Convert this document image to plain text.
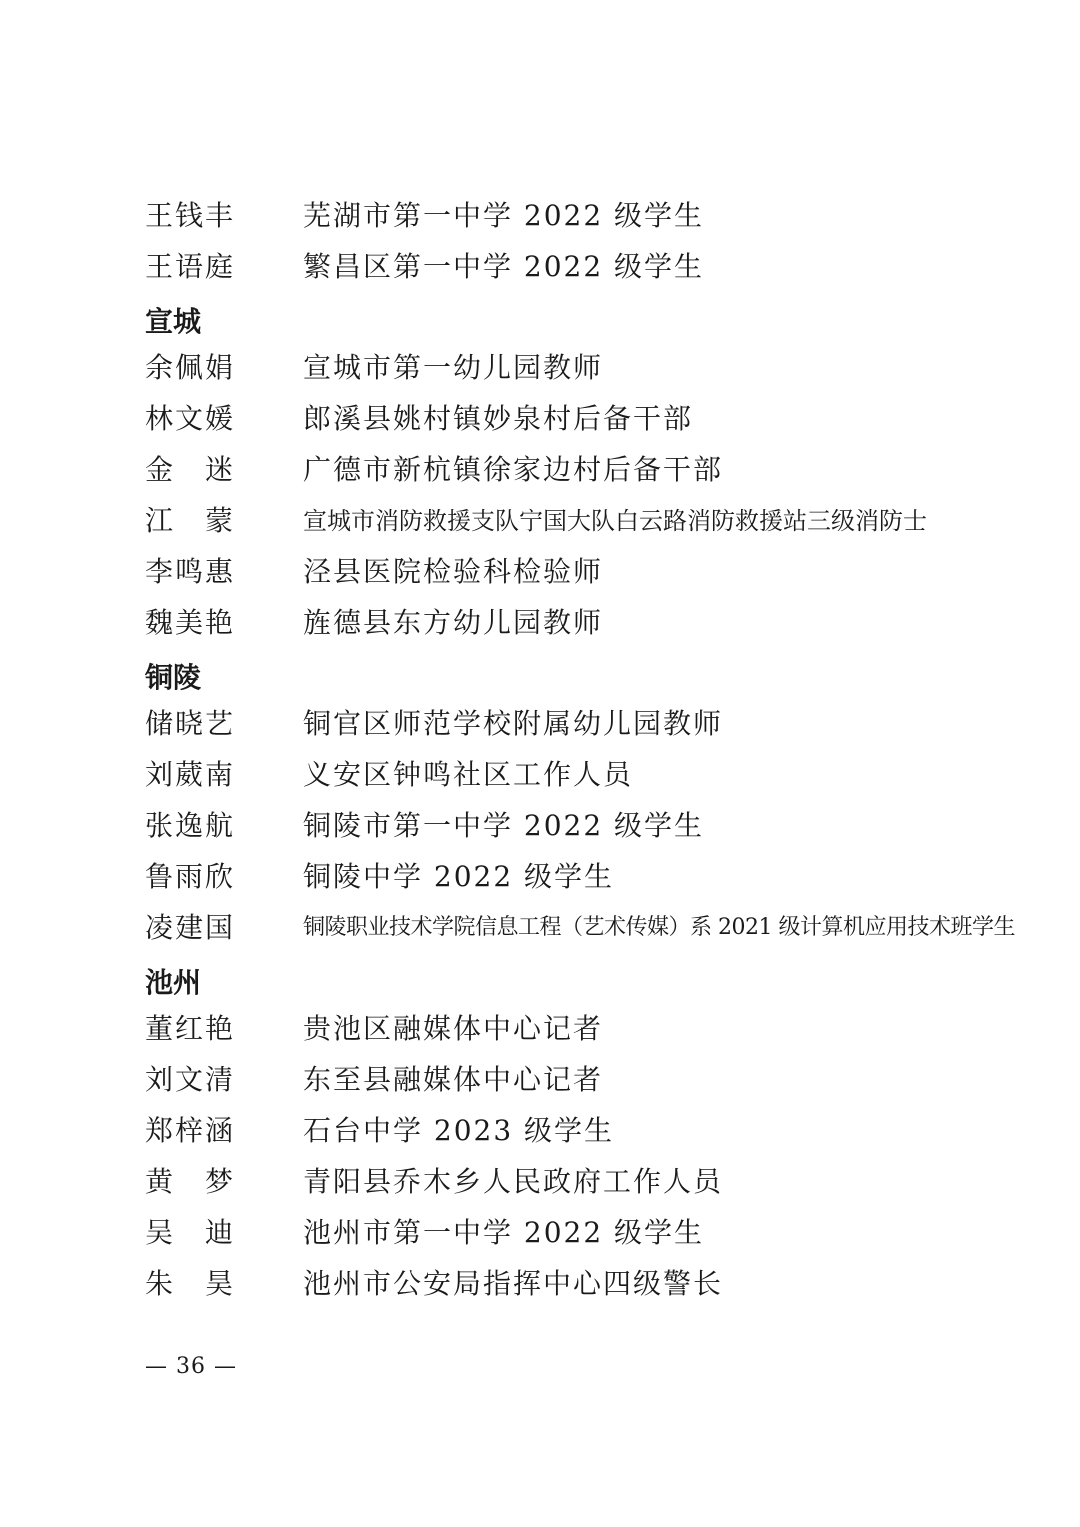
王钱丰	芜湖市第一中学 2022 级学生
王语庭	繁昌区第一中学 2022 级学生
宣城
余佩娟	宣城市第一幼儿园教师
林文媛	郎溪县姚村镇妙泉村后备干部
金　迷	广德市新杭镇徐家边村后备干部
江　蒙	宣城市消防救援支队宁国大队白云路消防救援站三级消防士
李鸣惠	泾县医院检验科检验师
魏美艳	旌德县东方幼儿园教师
铜陵
储晓艺	铜官区师范学校附属幼儿园教师
刘葳南	义安区钟鸣社区工作人员
张逸航	铜陵市第一中学 2022 级学生
鲁雨欣	铜陵中学 2022 级学生
凌建国	铜陵职业技术学院信息工程（艺术传媒）系 2021 级计算机应用技术班学生
池州
董红艳	贵池区融媒体中心记者
刘文清	东至县融媒体中心记者
郑梓涵	石台中学 2023 级学生
黄　梦	青阳县乔木乡人民政府工作人员
吴　迪	池州市第一中学 2022 级学生
朱　昊	池州市公安局指挥中心四级警长
— 36 —
